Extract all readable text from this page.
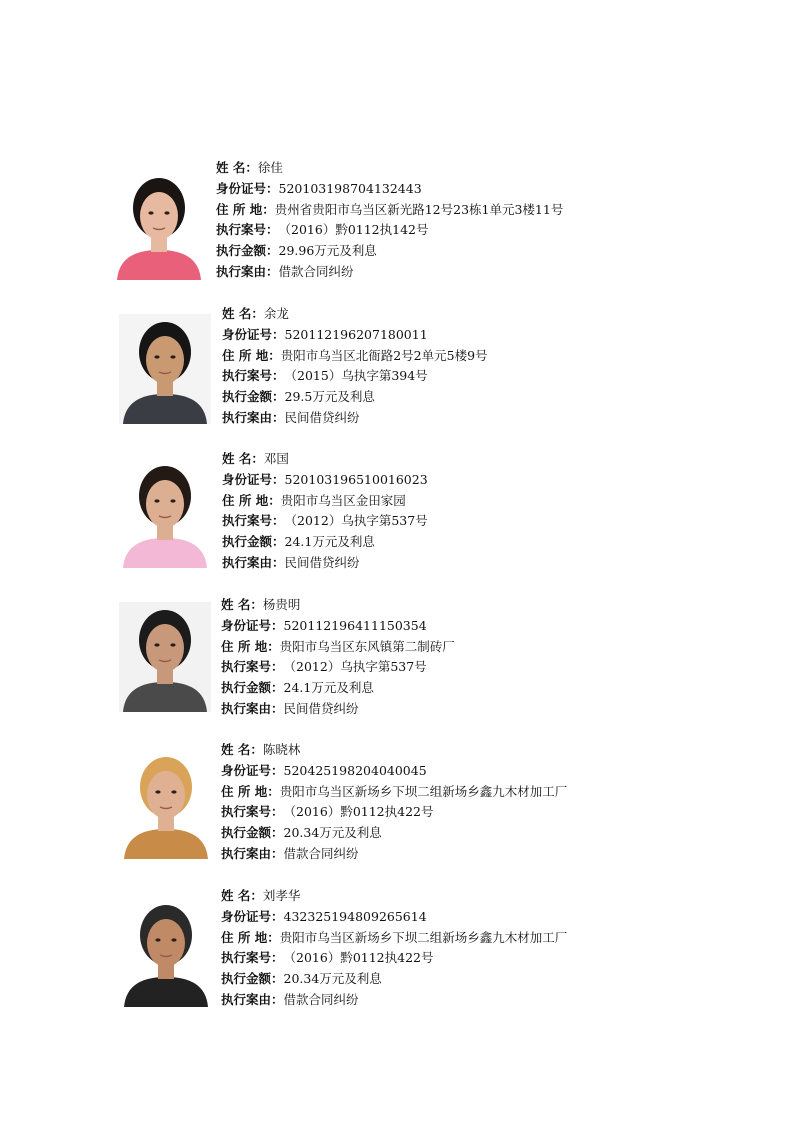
姓 名： 徐佳
身份证号： 520103198704132443
住 所 地： 贵州省贵阳市乌当区新光路12号23栋1单元3楼11号
执行案号： （2016）黔0112执142号
执行金额： 29.96万元及利息
执行案由： 借款合同纠纷
姓 名： 余龙
身份证号： 520112196207180011
住 所 地： 贵阳市乌当区北衙路2号2单元5楼9号
执行案号： （2015）乌执字第394号
执行金额： 29.5万元及利息
执行案由： 民间借贷纠纷
姓 名： 邓国
身份证号： 520103196510016023
住 所 地： 贵阳市乌当区金田家园
执行案号： （2012）乌执字第537号
执行金额： 24.1万元及利息
执行案由： 民间借贷纠纷
姓 名： 杨贵明
身份证号： 520112196411150354
住 所 地： 贵阳市乌当区东风镇第二制砖厂
执行案号： （2012）乌执字第537号
执行金额： 24.1万元及利息
执行案由： 民间借贷纠纷
姓 名： 陈晓林
身份证号： 520425198204040045
住 所 地： 贵阳市乌当区新场乡下坝二组新场乡鑫九木材加工厂
执行案号： （2016）黔0112执422号
执行金额： 20.34万元及利息
执行案由： 借款合同纠纷
姓 名： 刘孝华
身份证号： 432325194809265614
住 所 地： 贵阳市乌当区新场乡下坝二组新场乡鑫九木材加工厂
执行案号： （2016）黔0112执422号
执行金额： 20.34万元及利息
执行案由： 借款合同纠纷
